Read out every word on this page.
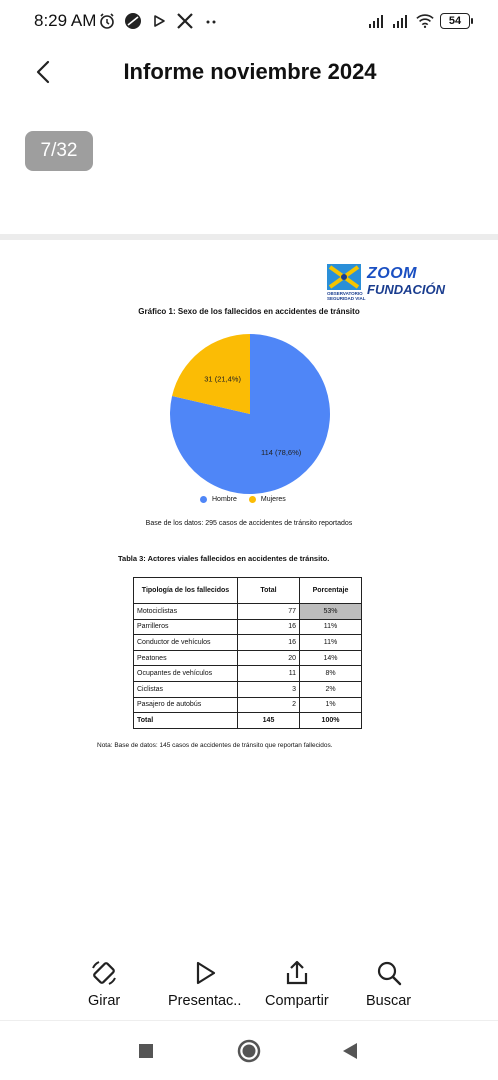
8:29 AM	54
Informe noviembre 2024
7/32
OBSERVATORIO SEGURIDAD VIAL
ZOOM
FUNDACIÓN
Gráfico 1: Sexo de los fallecidos en accidentes de tránsito
114 (78,6%)
31 (21,4%)
Hombre	Mujeres
Base de los datos: 295 casos de accidentes de tránsito reportados
Tabla 3: Actores viales fallecidos en accidentes de tránsito.
Tipología de los fallecidos	Total	Porcentaje
Motociclistas	77	53%
Parrilleros	16	11%
Conductor de vehículos	16	11%
Peatones	20	14%
Ocupantes de vehículos	11	8%
Ciclistas	3	2%
Pasajero de autobús	2	1%
Total	145	100%
Nota: Base de datos: 145 casos de accidentes de tránsito que reportan fallecidos.
Girar	Presentac.. Compartir	Buscar
